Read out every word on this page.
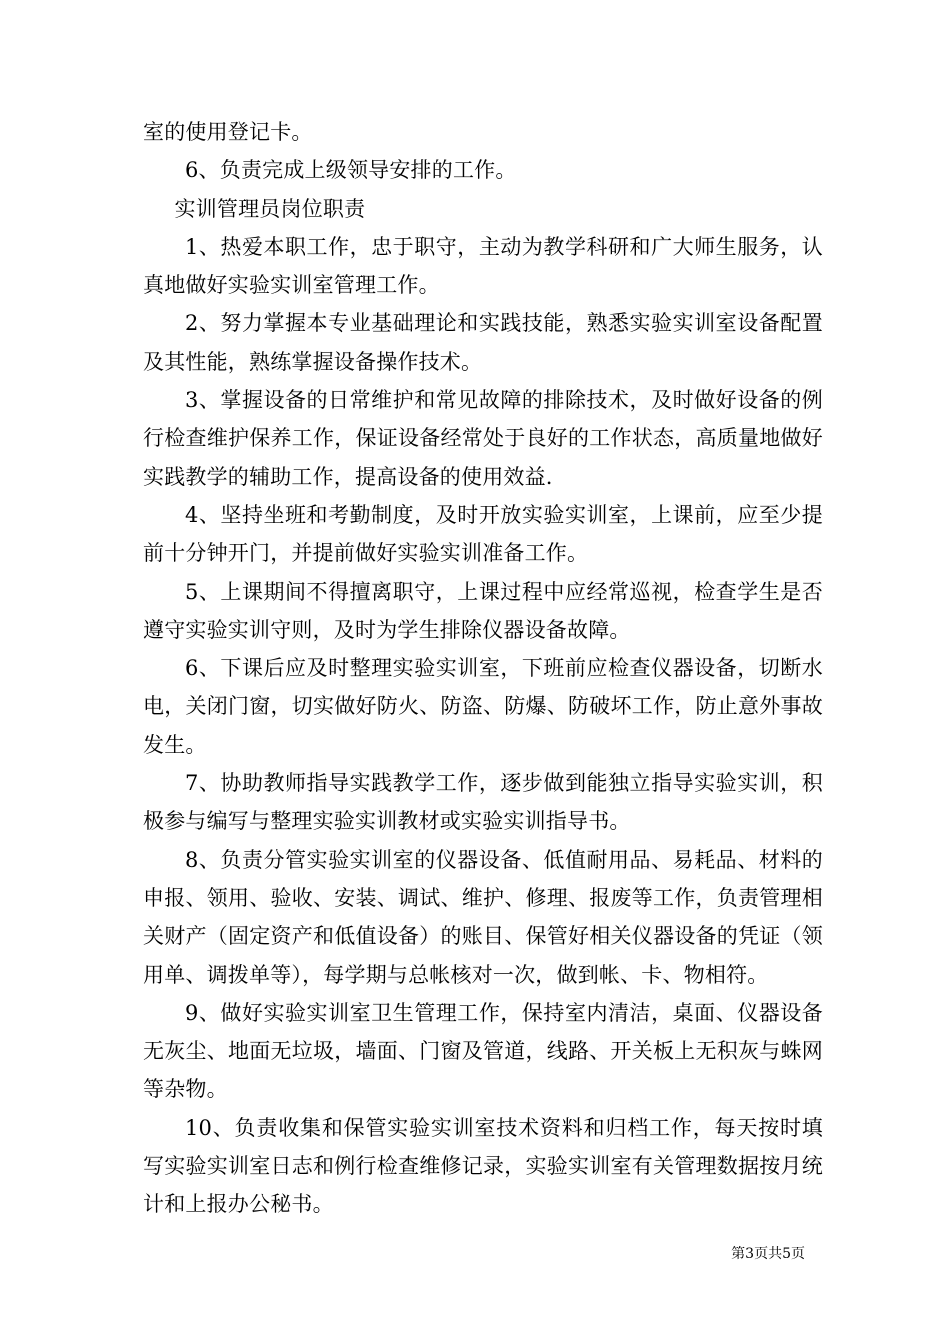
室的使用登记卡。

6、负责完成上级领导安排的工作。

实训管理员岗位职责

1、热爱本职工作，忠于职守，主动为教学科研和广大师生服务，认真地做好实验实训室管理工作。

2、努力掌握本专业基础理论和实践技能，熟悉实验实训室设备配置及其性能，熟练掌握设备操作技术。

3、掌握设备的日常维护和常见故障的排除技术，及时做好设备的例行检查维护保养工作，保证设备经常处于良好的工作状态，高质量地做好实践教学的辅助工作，提高设备的使用效益.

4、坚持坐班和考勤制度，及时开放实验实训室，上课前，应至少提前十分钟开门，并提前做好实验实训准备工作。

5、上课期间不得擅离职守，上课过程中应经常巡视，检查学生是否遵守实验实训守则，及时为学生排除仪器设备故障。

6、下课后应及时整理实验实训室，下班前应检查仪器设备，切断水电，关闭门窗，切实做好防火、防盗、防爆、防破坏工作，防止意外事故发生。

7、协助教师指导实践教学工作，逐步做到能独立指导实验实训，积极参与编写与整理实验实训教材或实验实训指导书。

8、负责分管实验实训室的仪器设备、低值耐用品、易耗品、材料的申报、领用、验收、安装、调试、维护、修理、报废等工作，负责管理相关财产（固定资产和低值设备）的账目、保管好相关仪器设备的凭证（领用单、调拨单等），每学期与总帐核对一次，做到帐、卡、物相符。

9、做好实验实训室卫生管理工作，保持室内清洁，桌面、仪器设备无灰尘、地面无垃圾，墙面、门窗及管道，线路、开关板上无积灰与蛛网等杂物。

10、负责收集和保管实验实训室技术资料和归档工作，每天按时填写实验实训室日志和例行检查维修记录，实验实训室有关管理数据按月统计和上报办公秘书。

第3页共5页
